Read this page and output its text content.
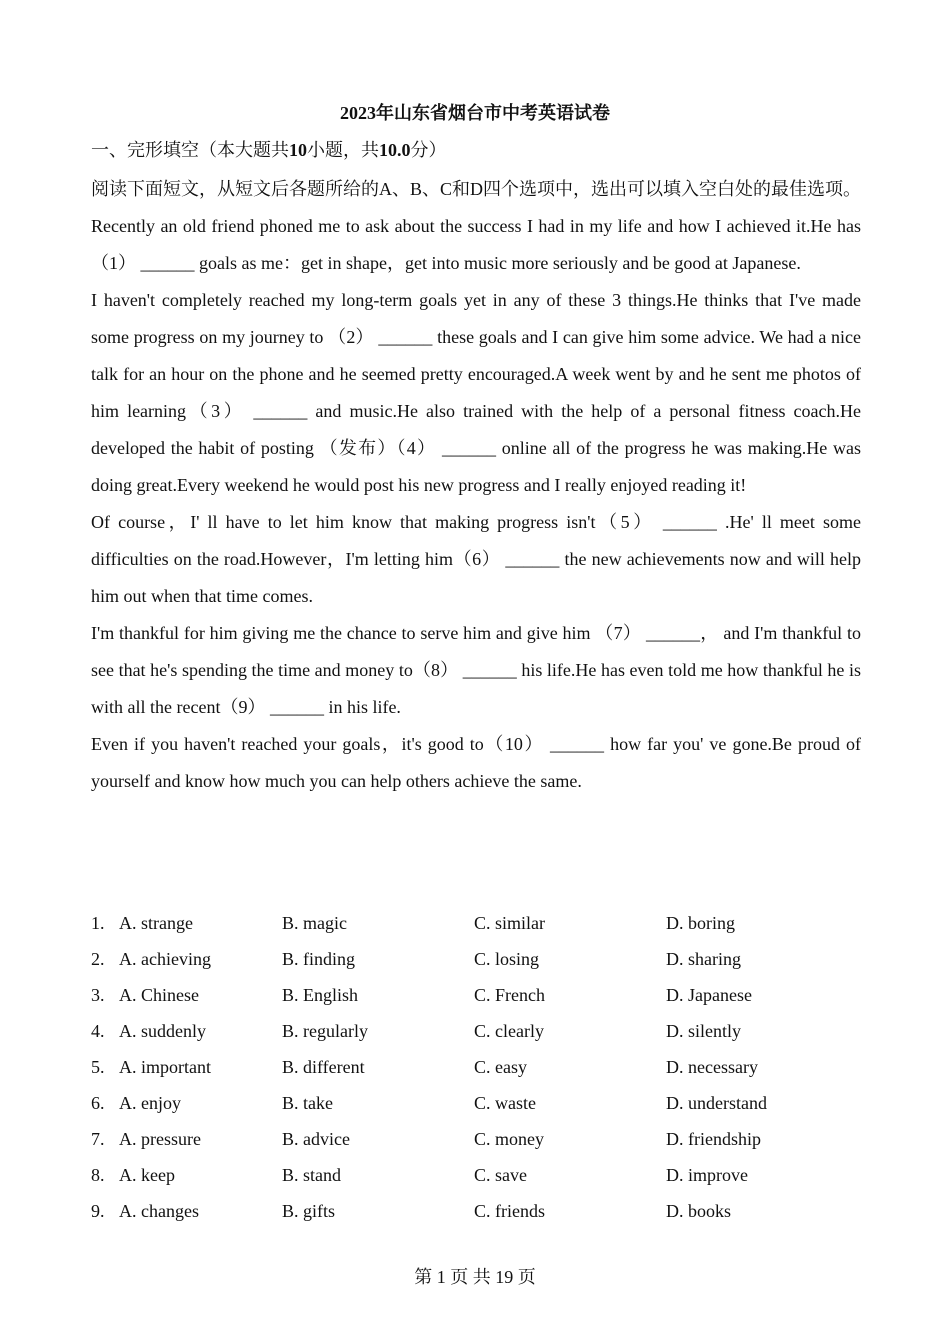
2023年山东省烟台市中考英语试卷
一、完形填空（本大题共10小题，共10.0分）

阅读下面短文，从短文后各题所给的A、B、C和D四个选项中，选出可以填入空白处的最佳选项。

Recently an old friend phoned me to ask about the success I had in my life and how I achieved it.He has（1） ______ goals as me：get in shape，get into music more seriously and be good at Japanese.

I haven't completely reached my long-term goals yet in any of these 3 things.He thinks that I've made some progress on my journey to （2） ______ these goals and I can give him some advice. We had a nice talk for an hour on the phone and he seemed pretty encouraged.A week went by and he sent me photos of him learning（3） ______ and music.He also trained with the help of a personal fitness coach.He developed the habit of posting （发布）（4） ______ online all of the progress he was making.He was doing great.Every weekend he would post his new progress and I really enjoyed reading it!

Of course，I' ll have to let him know that making progress isn't（5） ______ .He' ll meet some difficulties on the road.However，I'm letting him（6） ______ the new achievements now and will help him out when that time comes.

I'm thankful for him giving me the chance to serve him and give him （7） ______， and I'm thankful to see that he's spending the time and money to（8） ______ his life.He has even told me how thankful he is with all the recent（9） ______ in his life.

Even if you haven't reached your goals，it's good to（10） ______ how far you' ve gone.Be proud of yourself and know how much you can help others achieve the same.

1. A. strange	B. magic	C. similar	D. boring
2. A. achieving	B. finding	C. losing	D. sharing
3. A. Chinese	B. English	C. French	D. Japanese
4. A. suddenly	B. regularly	C. clearly	D. silently
5. A. important	B. different	C. easy	D. necessary
6. A. enjoy	B. take	C. waste	D. understand
7. A. pressure	B. advice	C. money	D. friendship
8. A. keep	B. stand	C. save	D. improve
9. A. changes	B. gifts	C. friends	D. books
第 1 页 共 19 页
